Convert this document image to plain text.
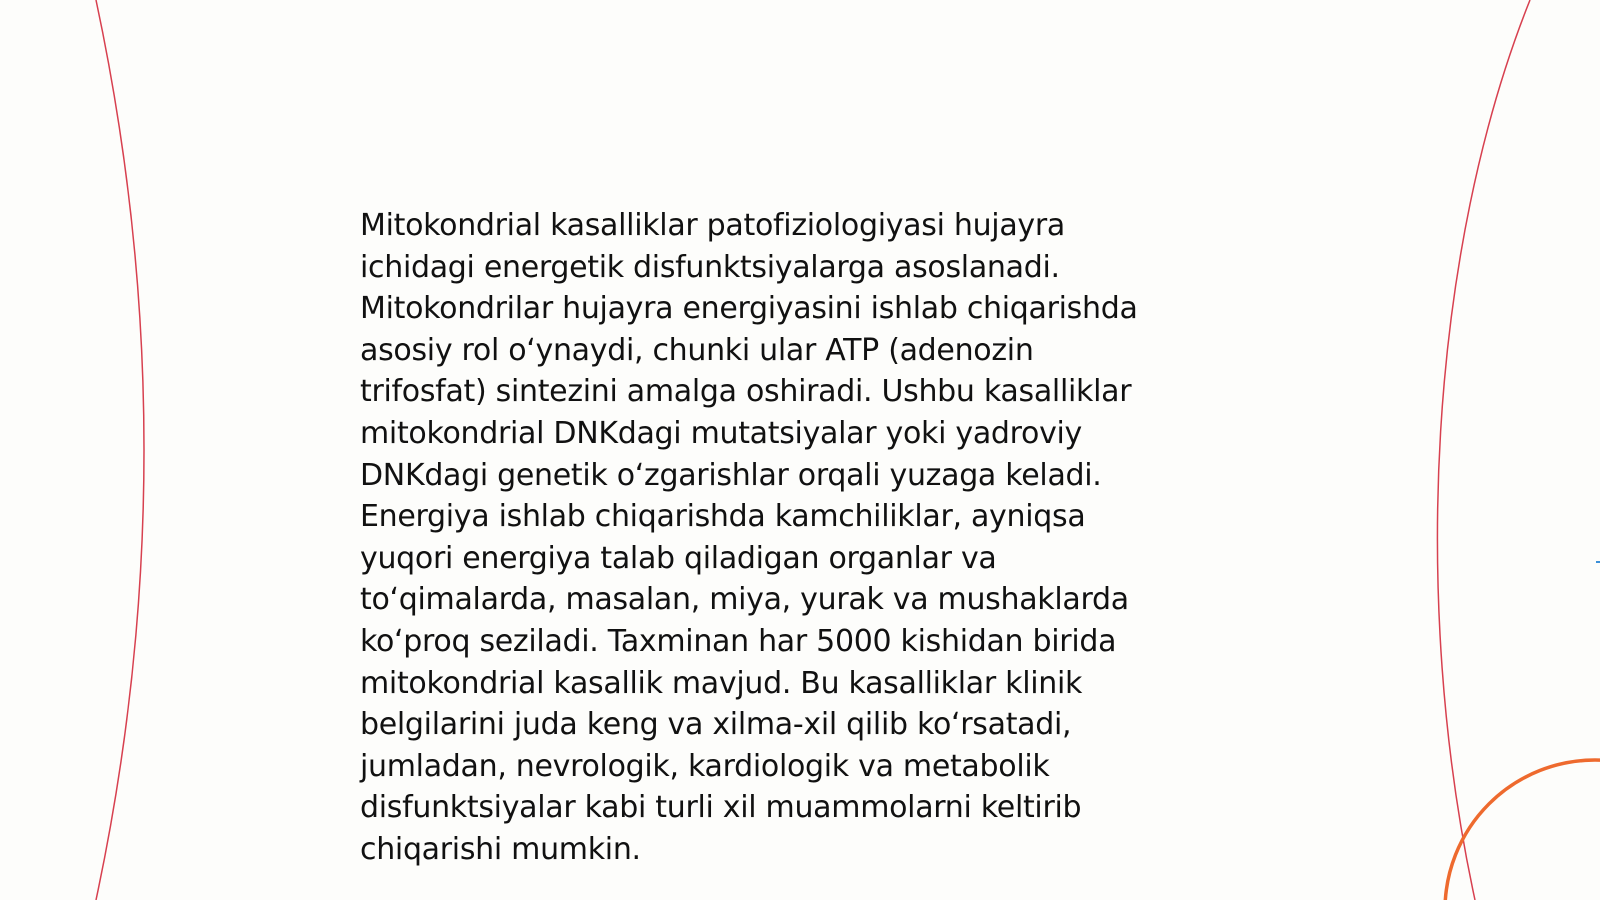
Mitokondrial kasalliklar patofiziologiyasi hujayra
ichidagi energetik disfunktsiyalarga asoslanadi.
Mitokondrilar hujayra energiyasini ishlab chiqarishda
asosiy rol o‘ynaydi, chunki ular ATP (adenozin
trifosfat) sintezini amalga oshiradi. Ushbu kasalliklar
mitokondrial DNKdagi mutatsiyalar yoki yadroviy
DNKdagi genetik o‘zgarishlar orqali yuzaga keladi.
Energiya ishlab chiqarishda kamchiliklar, ayniqsa
yuqori energiya talab qiladigan organlar va
to‘qimalarda, masalan, miya, yurak va mushaklarda
ko‘proq seziladi. Taxminan har 5000 kishidan birida
mitokondrial kasallik mavjud. Bu kasalliklar klinik
belgilarini juda keng va xilma-xil qilib ko‘rsatadi,
jumladan, nevrologik, kardiologik va metabolik
disfunktsiyalar kabi turli xil muammolarni keltirib
chiqarishi mumkin.
